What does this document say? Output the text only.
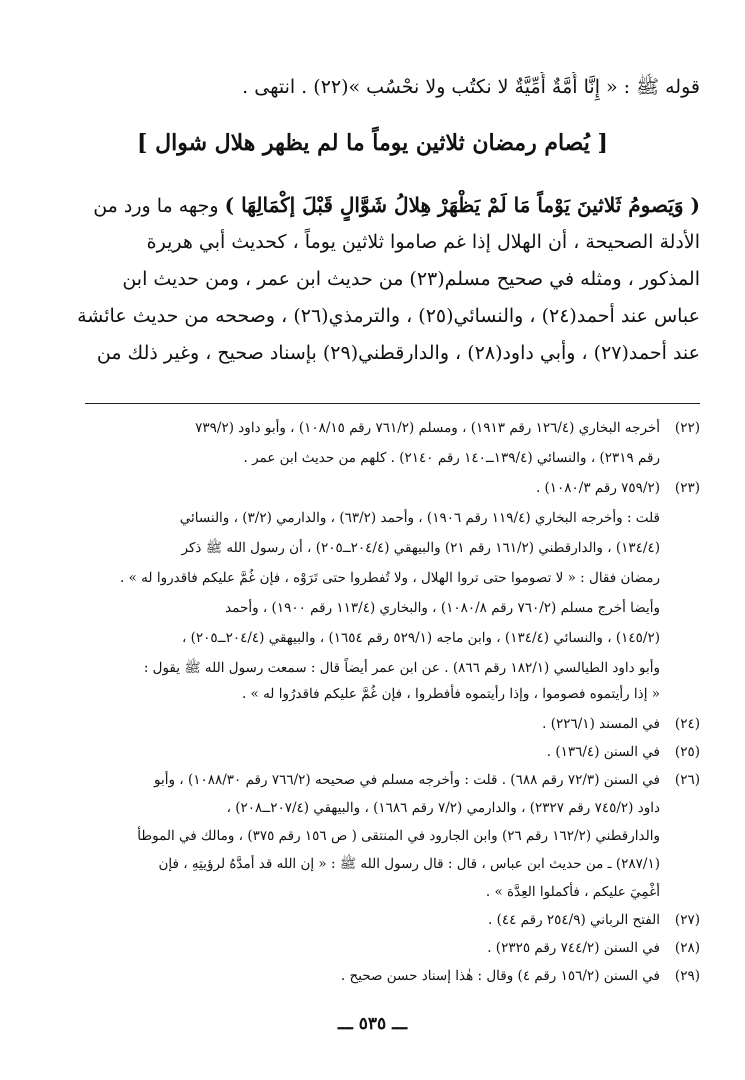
قوله ﷺ : « إِنَّا أُمَّةٌ أُمِّيَّةٌ لا نكتُب ولا نحْسُب »(٢٢) . انتهى .
[ يُصام رمضان ثلاثين يوماً ما لم يظهر هلال شوال ]
( وَيَصومُ ثَلاثينَ يَوْماً مَا لَمْ يَظْهَرْ هِلالُ شَوَّالٍ قَبْلَ إكْمَالِهَا ) وجهه ما ورد من
الأدلة الصحيحة ، أن الهلال إذا غم صاموا ثلاثين يوماً ، كحديث أبي هريرة
المذكور ، ومثله في صحيح مسلم(٢٣) من حديث ابن عمر ، ومن حديث ابن
عباس عند أحمد(٢٤) ، والنسائي(٢٥) ، والترمذي(٢٦) ، وصححه من حديث عائشة
عند أحمد(٢٧) ، وأبي داود(٢٨) ، والدارقطني(٢٩) بإسناد صحيح ، وغير ذلك من
(٢٢)أخرجه البخاري (١٢٦/٤ رقم ١٩١٣) ، ومسلم (٧٦١/٢ رقم ١٠٨/١٥) ، وأبو داود (٧٣٩/٢
رقم ٢٣١٩) ، والنسائي (١٣٩/٤ــ١٤٠ رقم ٢١٤٠) . كلهم من حديث ابن عمر .
(٢٣)(٧٥٩/٢ رقم ١٠٨٠/٣) .
قلت : وأخرجه البخاري (١١٩/٤ رقم ١٩٠٦) ، وأحمد (٦٣/٢) ، والدارمي (٣/٢) ، والنسائي
(١٣٤/٤) ، والدارقطني (١٦١/٢ رقم ٢١) والبيهقي (٢٠٤/٤ــ٢٠٥) ، أن رسول الله ﷺ ذكر
رمضان فقال : « لا تصوموا حتى تروا الهلال ، ولا تُفطروا حتى تَرَوْه ، فإن غُمَّ عليكم فاقدروا له » .
وأيضا أخرج مسلم (٧٦٠/٢ رقم ١٠٨٠/٨) ، والبخاري (١١٣/٤ رقم ١٩٠٠) ، وأحمد
(١٤٥/٢) ، والنسائي (١٣٤/٤) ، وابن ماجه (٥٢٩/١ رقم ١٦٥٤) ، والبيهقي (٢٠٤/٤ــ٢٠٥) ،
وأبو داود الطيالسي (١٨٢/١ رقم ٨٦٦) . عن ابن عمر أيضاً قال : سمعت رسول الله ﷺ يقول :
« إذا رأيتموه فصوموا ، وإذا رأيتموه فأفطروا ، فإن غُمَّ عليكم فاقدرُوا له » .
(٢٤)في المسند (٢٢٦/١) .
(٢٥)في السنن (١٣٦/٤) .
(٢٦)في السنن (٧٢/٣ رقم ٦٨٨) . قلت : وأخرجه مسلم في صحيحه (٧٦٦/٢ رقم ١٠٨٨/٣٠) ، وأبو
داود (٧٤٥/٢ رقم ٢٣٢٧) ، والدارمي (٧/٢ رقم ١٦٨٦) ، والبيهقي (٢٠٧/٤ــ٢٠٨) ،
والدارقطني (١٦٢/٢ رقم ٢٦) وابن الجارود في المنتقى ( ص ١٥٦ رقم ٣٧٥) ، ومالك في الموطأ
(٢٨٧/١) ـ من حديث ابن عباس ، قال : قال رسول الله ﷺ : « إن الله قد أمدَّهُ لرؤيتِهِ ، فإن
أُغْمِيَ عليكم ، فأكملوا العِدَّة » .
(٢٧)الفتح الرباني (٢٥٤/٩ رقم ٤٤) .
(٢٨)في السنن (٧٤٤/٢ رقم ٢٣٢٥) .
(٢٩)في السنن (١٥٦/٢ رقم ٤) وقال : هٰذا إسناد حسن صحيح .
ـــ ٥٣٥ ـــ
